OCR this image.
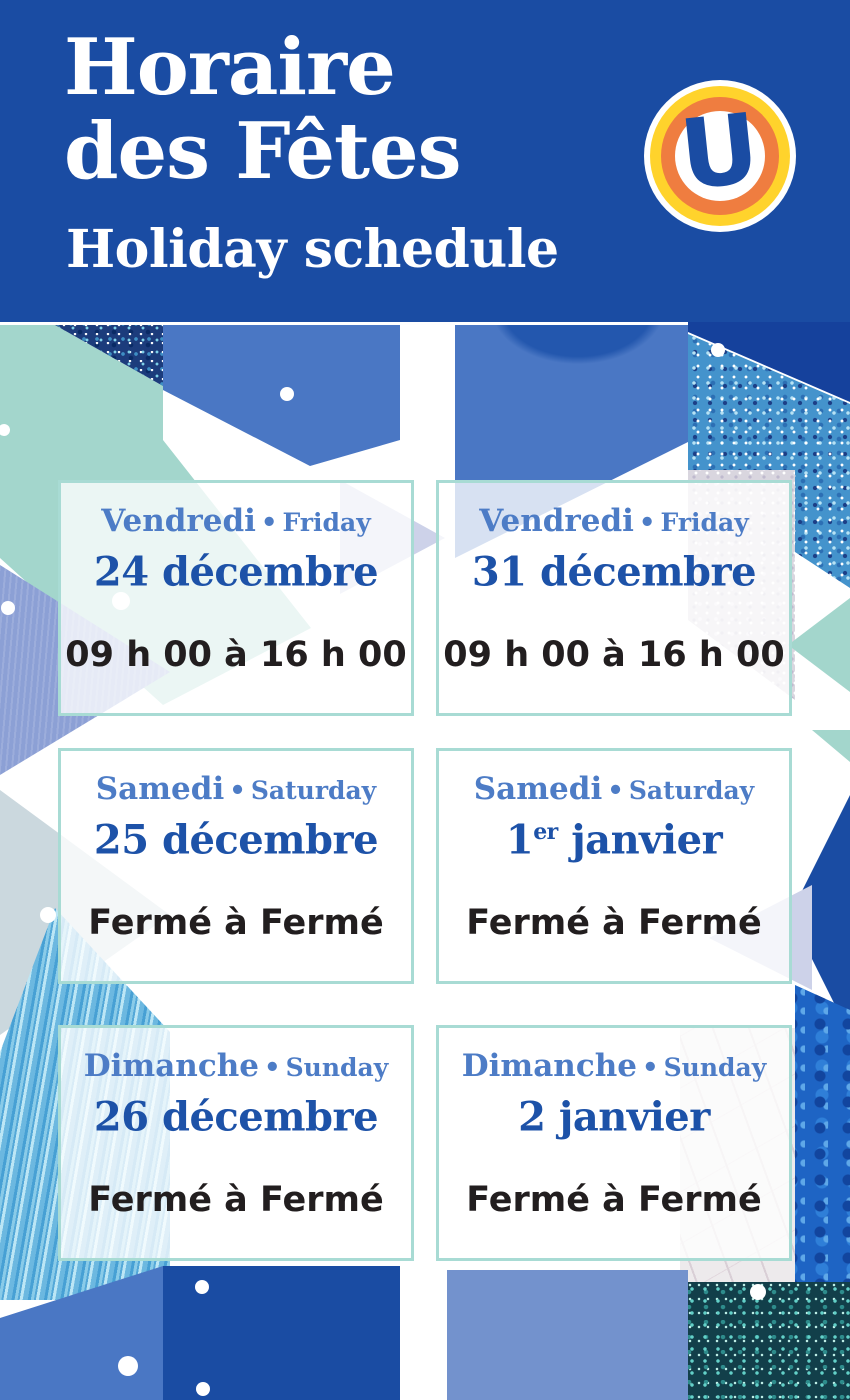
Horaire
des Fêtes
Holiday schedule
U
Vendredi • Friday
24 décembre
09 h 00 à 16 h 00
Vendredi • Friday
31 décembre
09 h 00 à 16 h 00
Samedi • Saturday
25 décembre
Fermé à Fermé
Samedi • Saturday
1er janvier
Fermé à Fermé
Dimanche • Sunday
26 décembre
Fermé à Fermé
Dimanche • Sunday
2 janvier
Fermé à Fermé
